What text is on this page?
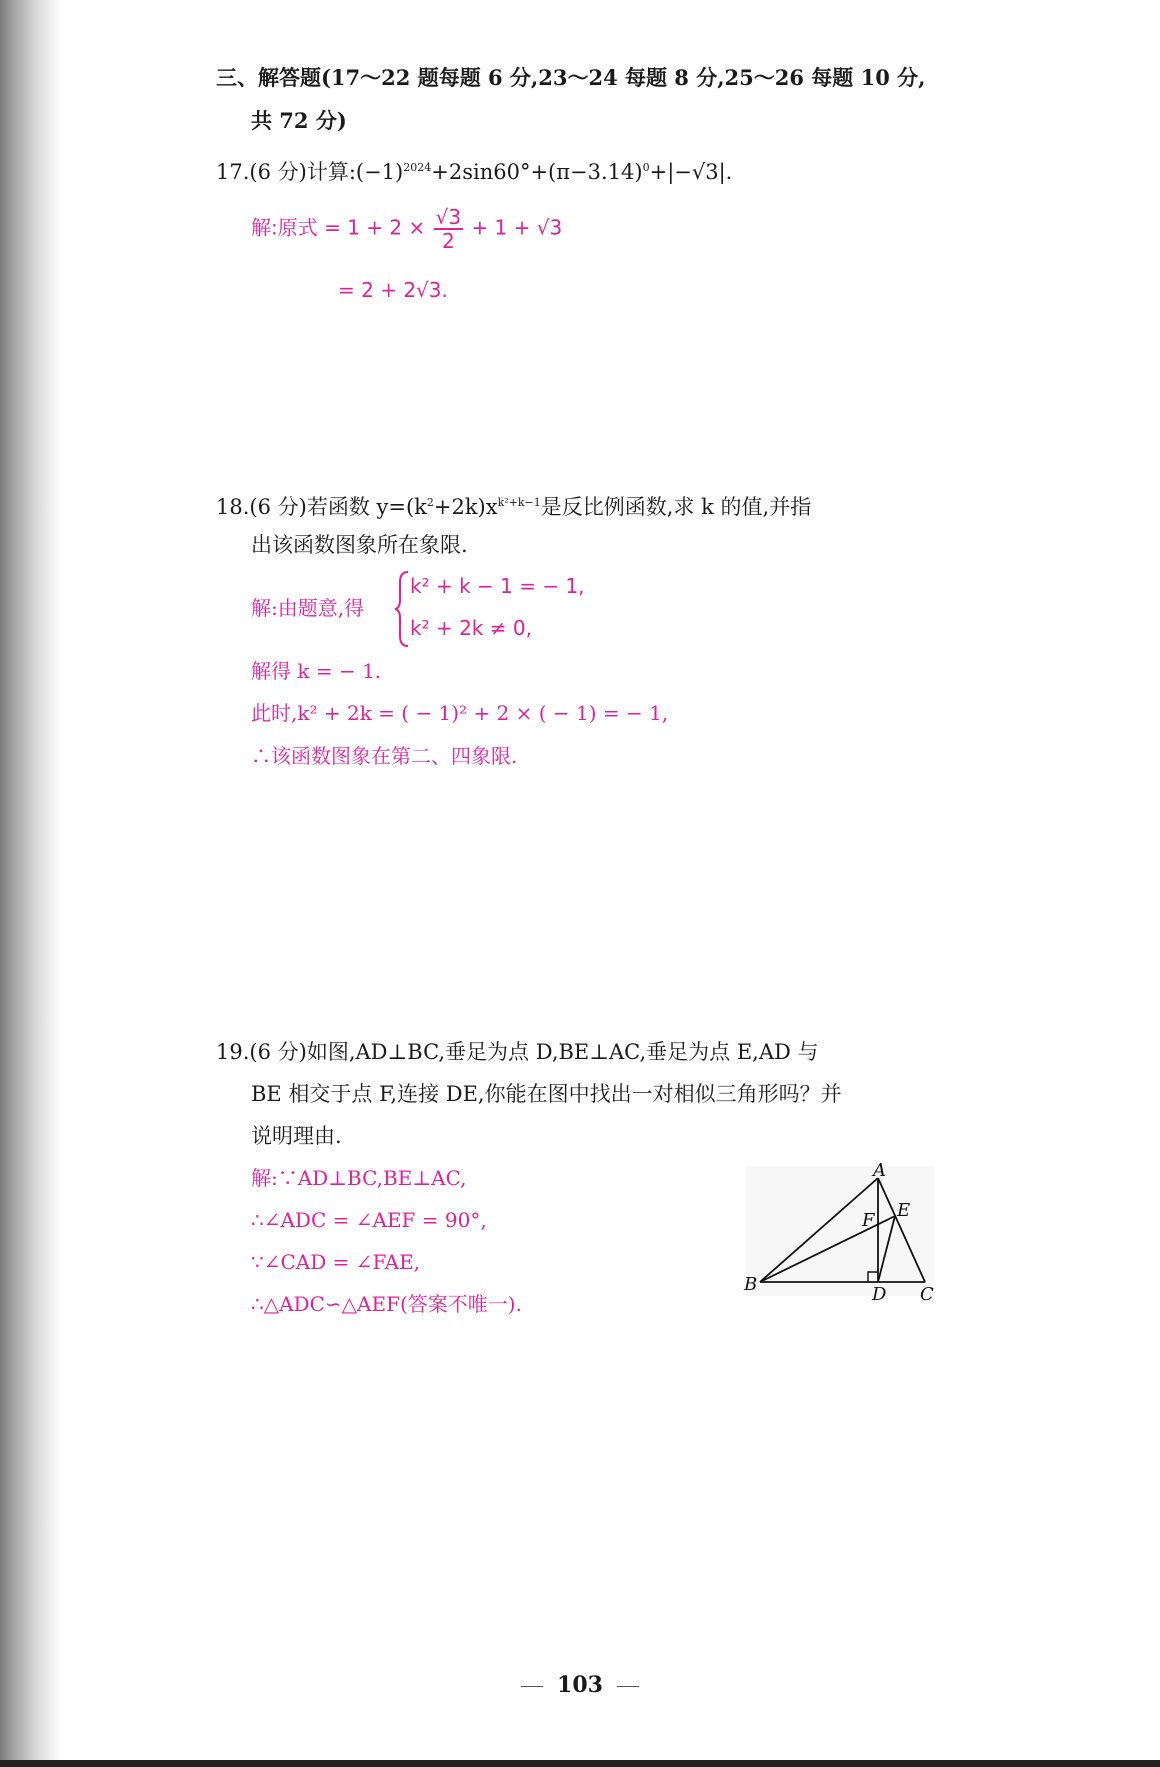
三、解答题(17～22 题每题 6 分,23～24 每题 8 分,25～26 每题 10 分,
共 72 分)
17.(6 分)计算$:(-1)^{2024}+2\sin 60^\circ+(\pi-3.14)^0+|-√3|$.
解:原式 = $1 + 2 \times \frac{√3}{2} + 1 + √3$
= 2 + 2√3.
18.(6 分)若函数 $y=(k^2+2k)x^{k^2+k-1}$是反比例函数,求 k 的值,并指
出该函数图象所在象限.
解:由题意,得
k² + k − 1 = − 1,
k² + 2k ≠ 0,
解得 k = − 1.
此时,k² + 2k = ( − 1)² + 2 × ( − 1) = − 1,
∴该函数图象在第二、四象限.
19.(6 分)如图,AD⊥BC,垂足为点 D,BE⊥AC,垂足为点 E,AD 与
BE 相交于点 F,连接 DE,你能在图中找出一对相似三角形吗？并
说明理由.
解:∵AD⊥BC,BE⊥AC,
∴∠ADC = ∠AEF = 90°,
∵∠CAD = ∠FAE,
∴△ADC∽△AEF(答案不唯一).
A
B	C
D
E
F
103
